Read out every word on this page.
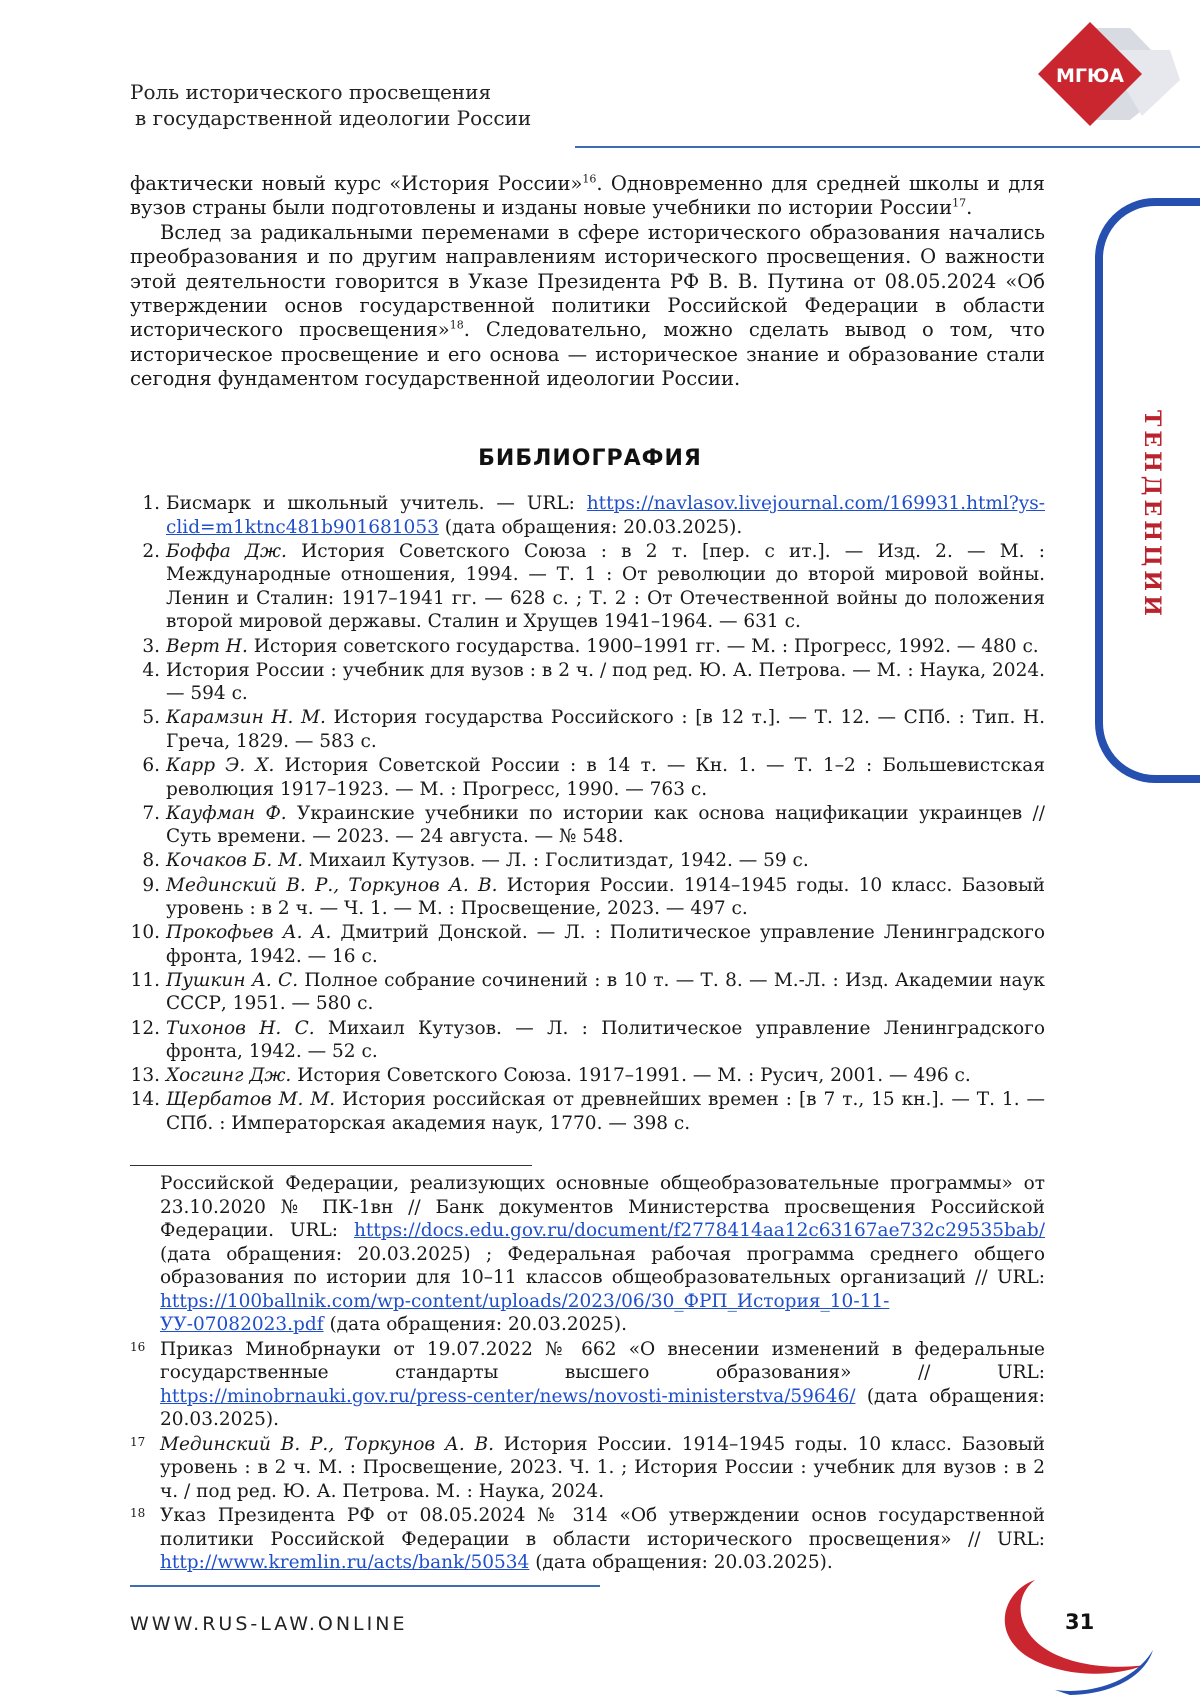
Роль исторического просвещения
в государственной идеологии России
МГЮА
ТЕНДЕНЦИИ

фактически новый курс «История России»$^{16}$. Одновременно для средней школы и для вузов страны были подготовлены и изданы новые учебники по истории России$^{17}$.

Вслед за радикальными переменами в сфере исторического образования начались преобразования и по другим направлениям исторического просвещения. О важности этой деятельности говорится в Указе Президента РФ В. В. Путина от 08.05.2024 «Об утверждении основ государственной политики Российской Федерации в области исторического просвещения»$^{18}$. Следовательно, можно сделать вывод о том, что историческое просвещение и его основа — историческое знание и образование стали сегодня фундаментом государственной идеологии России.

БИБЛИОГРАФИЯ
1. Бисмарк и школьный учитель. — URL: https://navlasov.livejournal.com/169931.html?ys-clid=m1ktnc481b901681053 (дата обращения: 20.03.2025).
2. Боффа Дж. История Советского Союза : в 2 т. [пер. с ит.]. — Изд. 2. — М. : Международные отношения, 1994. — Т. 1 : От революции до второй мировой войны. Ленин и Сталин: 1917–1941 гг. — 628 с. ; Т. 2 : От Отечественной войны до положения второй мировой державы. Сталин и Хрущев 1941–1964. — 631 с.
3. Верт Н. История советского государства. 1900–1991 гг. — М. : Прогресс, 1992. — 480 с.
4. История России : учебник для вузов : в 2 ч. / под ред. Ю. А. Петрова. — М. : Наука, 2024. — 594 с.
5. Карамзин Н. М. История государства Российского : [в 12 т.]. — Т. 12. — СПб. : Тип. Н. Греча, 1829. — 583 с.
6. Карр Э. Х. История Советской России : в 14 т. — Кн. 1. — Т. 1–2 : Большевистская революция 1917–1923. — М. : Прогресс, 1990. — 763 с.
7. Кауфман Ф. Украинские учебники по истории как основа нацификации украинцев // Суть времени. — 2023. — 24 августа. — № 548.
8. Кочаков Б. М. Михаил Кутузов. — Л. : Гослитиздат, 1942. — 59 с.
9. Мединский В. Р., Торкунов А. В. История России. 1914–1945 годы. 10 класс. Базовый уровень : в 2 ч. — Ч. 1. — М. : Просвещение, 2023. — 497 с.
10. Прокофьев А. А. Дмитрий Донской. — Л. : Политическое управление Ленинградского фронта, 1942. — 16 с.
11. Пушкин А. С. Полное собрание сочинений : в 10 т. — Т. 8. — М.-Л. : Изд. Академии наук СССР, 1951. — 580 с.
12. Тихонов Н. С. Михаил Кутузов. — Л. : Политическое управление Ленинградского фронта, 1942. — 52 с.
13. Хосгинг Дж. История Советского Союза. 1917–1991. — М. : Русич, 2001. — 496 с.
14. Щербатов М. М. История российская от древнейших времен : [в 7 т., 15 кн.]. — Т. 1. — СПб. : Императорская академия наук, 1770. — 398 с.
Российской Федерации, реализующих основные общеобразовательные программы» от 23.10.2020 № ПК-1вн // Банк документов Министерства просвещения Российской Федерации. URL: https://docs.edu.gov.ru/document/f2778414aa12c63167ae732c29535bab/ (дата обращения: 20.03.2025) ; Федеральная рабочая программа среднего общего образования по истории для 10–11 классов общеобразовательных организаций // URL: https://100ballnik.com/wp-content/uploads/2023/06/30_ФРП_История_10-11-УУ-07082023.pdf (дата обращения: 20.03.2025).
16 Приказ Минобрнауки от 19.07.2022 № 662 «О внесении изменений в федеральные государственные стандарты высшего образования» // URL: https://minobrnauki.gov.ru/press-center/news/novosti-ministerstva/59646/ (дата обращения: 20.03.2025).
17 Мединский В. Р., Торкунов А. В. История России. 1914–1945 годы. 10 класс. Базовый уровень : в 2 ч. М. : Просвещение, 2023. Ч. 1. ; История России : учебник для вузов : в 2 ч. / под ред. Ю. А. Петрова. М. : Наука, 2024.
18 Указ Президента РФ от 08.05.2024 № 314 «Об утверждении основ государственной политики Российской Федерации в области исторического просвещения» // URL: http://www.kremlin.ru/acts/bank/50534 (дата обращения: 20.03.2025).
WWW.RUS-LAW.ONLINE	31
